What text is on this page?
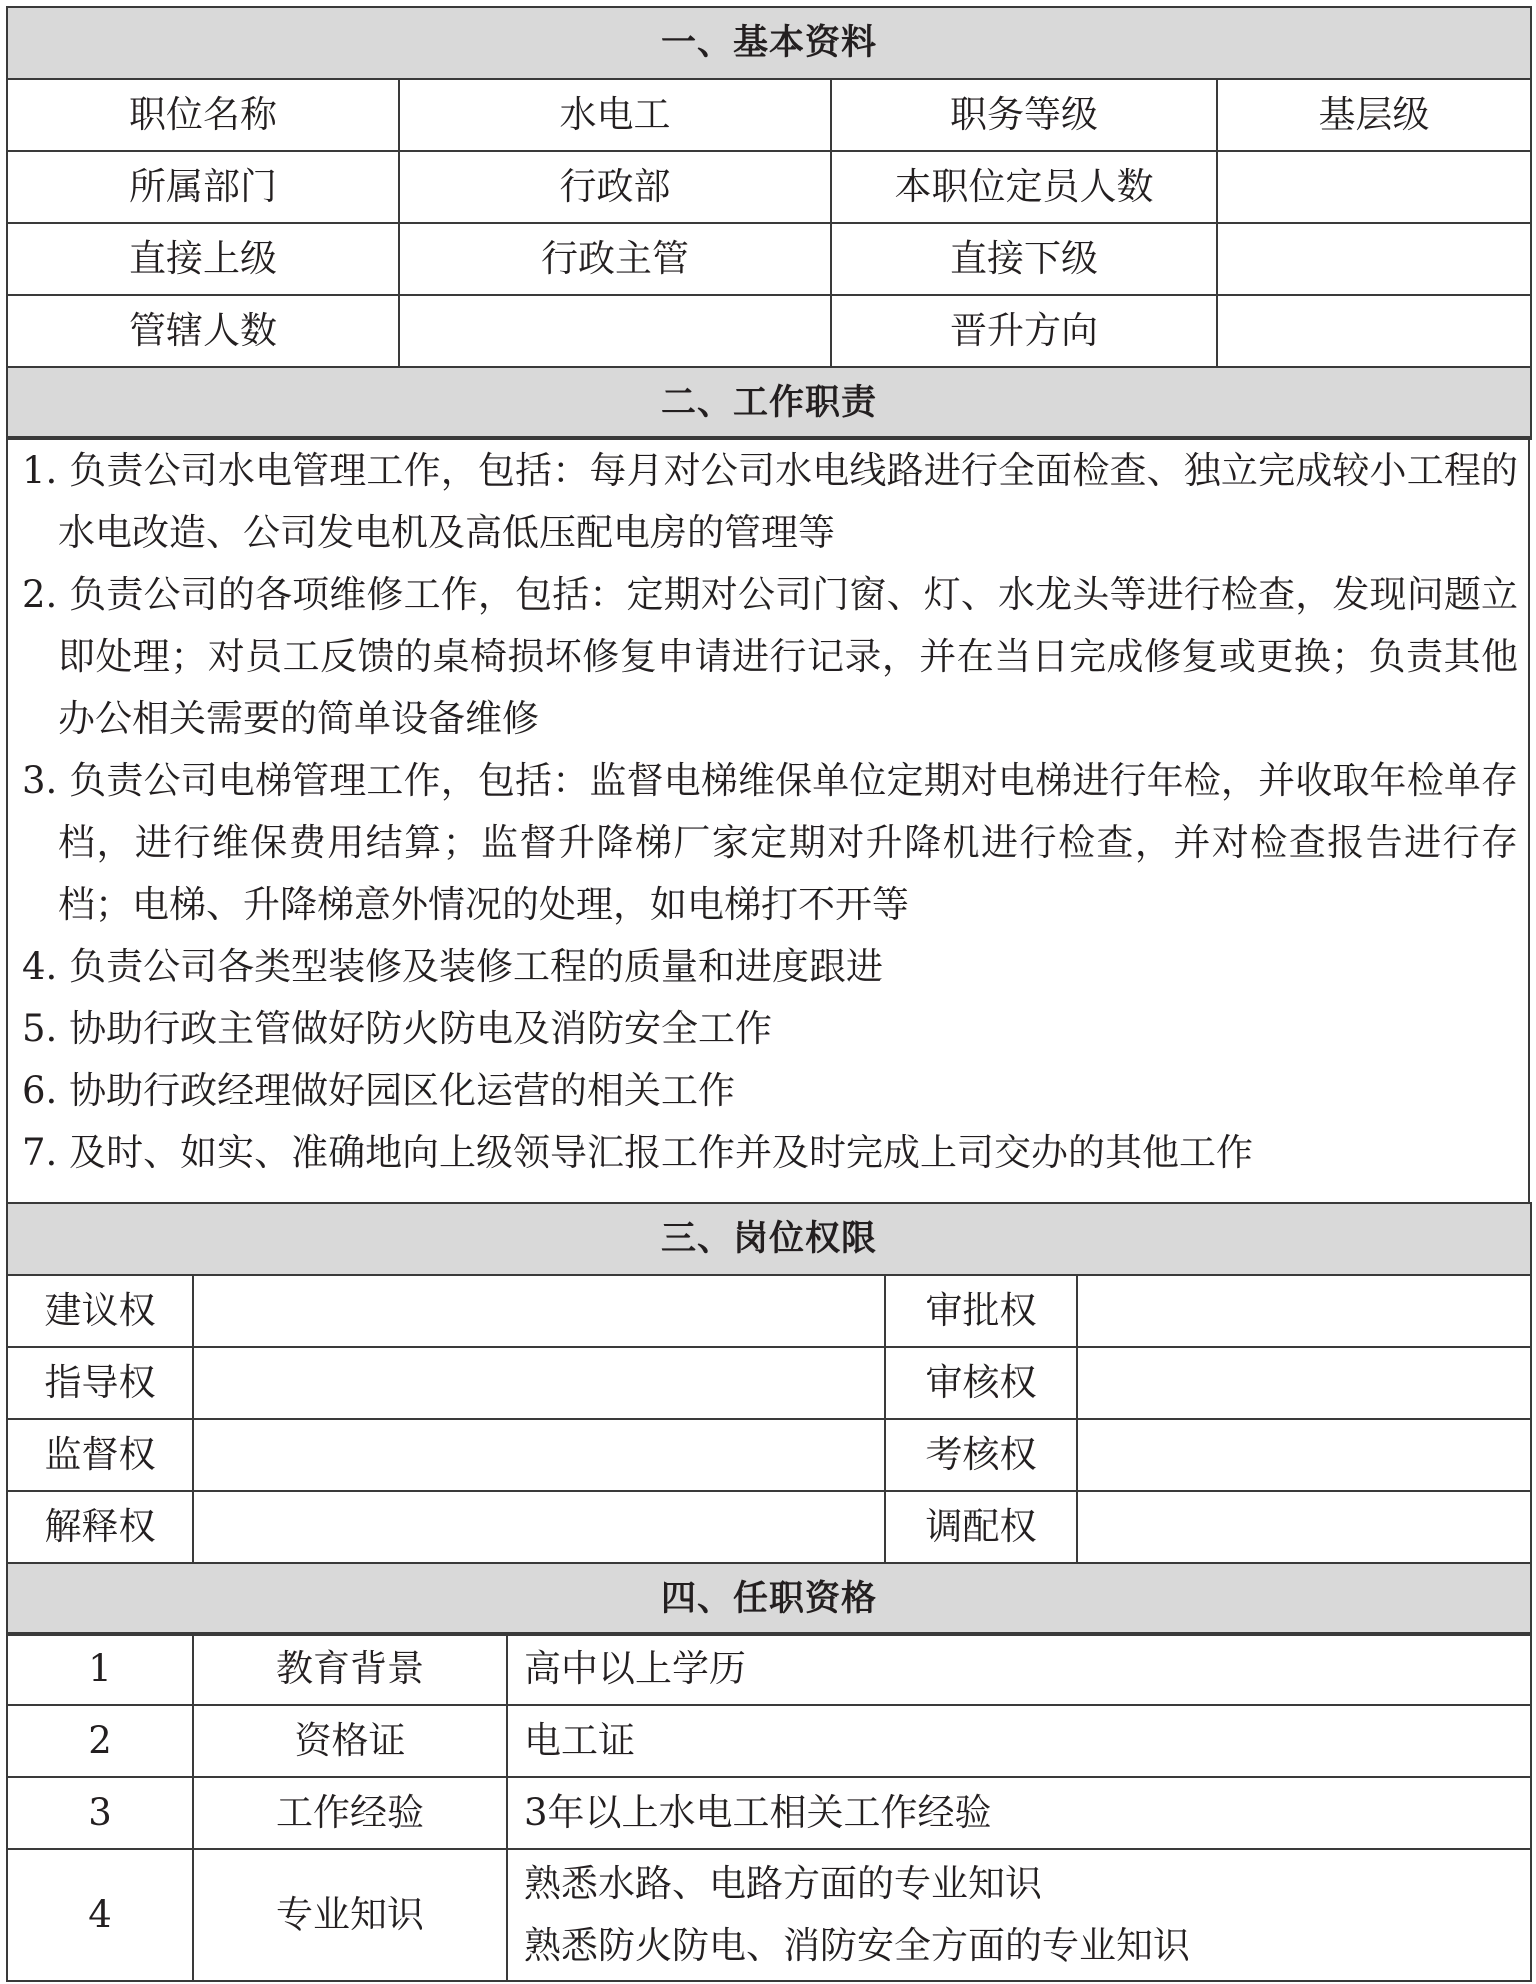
一、基本资料			
职位名称	水电工	职务等级	基层级
所属部门	行政部	本职位定员人数	
直接上级	行政主管	直接下级	
管辖人数		晋升方向	
二、工作职责			
1. 负责公司水电管理工作，包括：每月对公司水电线路进行全面检查、独立完成较小工程的水电改造、公司发电机及高低压配电房的管理等
2. 负责公司的各项维修工作，包括：定期对公司门窗、灯、水龙头等进行检查，发现问题立即处理；对员工反馈的桌椅损坏修复申请进行记录，并在当日完成修复或更换；负责其他办公相关需要的简单设备维修
3. 负责公司电梯管理工作，包括：监督电梯维保单位定期对电梯进行年检，并收取年检单存档，进行维保费用结算；监督升降梯厂家定期对升降机进行检查，并对检查报告进行存档；电梯、升降梯意外情况的处理，如电梯打不开等
4. 负责公司各类型装修及装修工程的质量和进度跟进
5. 协助行政主管做好防火防电及消防安全工作
6. 协助行政经理做好园区化运营的相关工作
7. 及时、如实、准确地向上级领导汇报工作并及时完成上司交办的其他工作
三、岗位权限			
建议权		审批权	
指导权		审核权	
监督权		考核权	
解释权		调配权	
四、任职资格			
1	教育背景	高中以上学历
2	资格证	电工证
3	工作经验	3年以上水电工相关工作经验
4	专业知识	熟悉水路、电路方面的专业知识
熟悉防火防电、消防安全方面的专业知识
